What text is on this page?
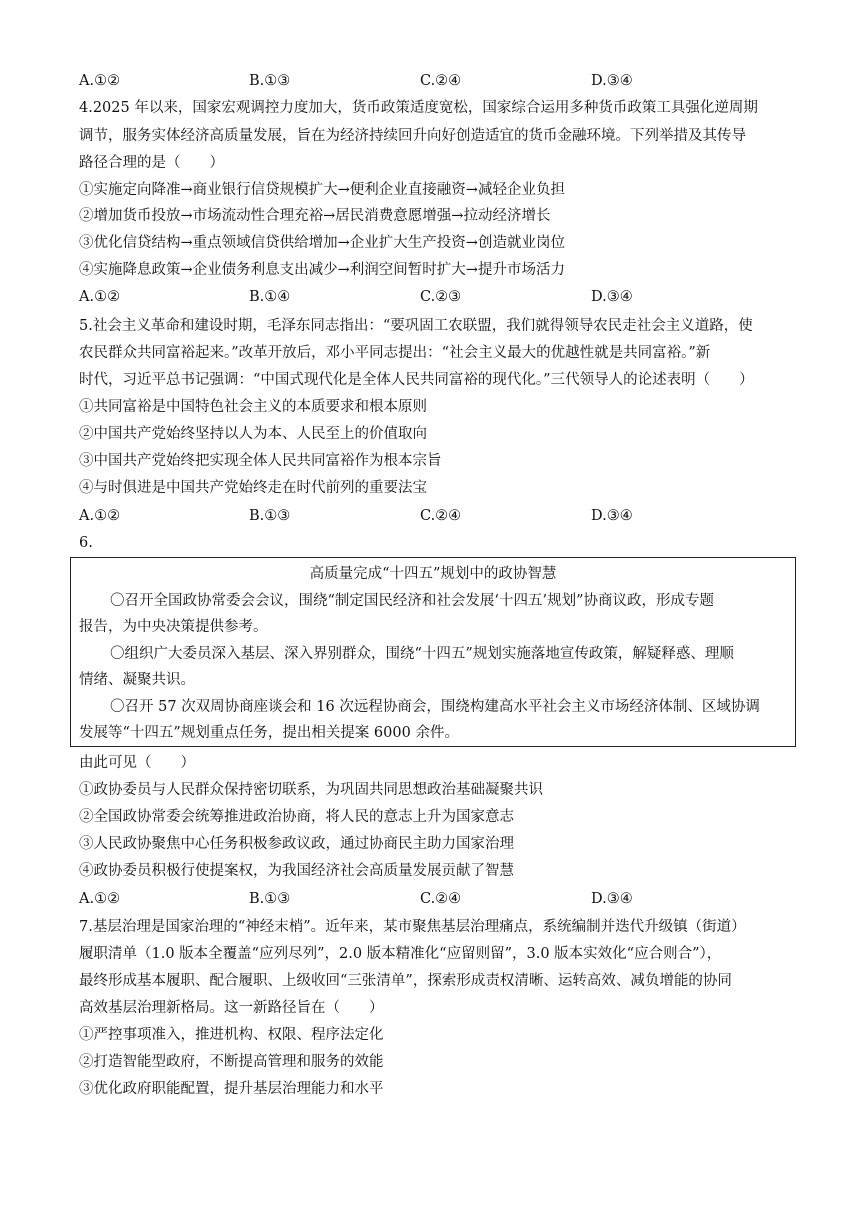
A.①②	B.①③	C.②④	D.③④
4.2025 年以来，国家宏观调控力度加大，货币政策适度宽松，国家综合运用多种货币政策工具强化逆周期
调节，服务实体经济高质量发展，旨在为经济持续回升向好创造适宜的货币金融环境。下列举措及其传导
路径合理的是（　　）
①实施定向降准→商业银行信贷规模扩大→便利企业直接融资→减轻企业负担
②增加货币投放→市场流动性合理充裕→居民消费意愿增强→拉动经济增长
③优化信贷结构→重点领域信贷供给增加→企业扩大生产投资→创造就业岗位
④实施降息政策→企业债务利息支出减少→利润空间暂时扩大→提升市场活力
A.①②	B.①④	C.②③	D.③④
5.社会主义革命和建设时期，毛泽东同志指出：“要巩固工农联盟，我们就得领导农民走社会主义道路，使
农民群众共同富裕起来。”改革开放后，邓小平同志提出：“社会主义最大的优越性就是共同富裕。”新
时代，习近平总书记强调：“中国式现代化是全体人民共同富裕的现代化。”三代领导人的论述表明（　　）
①共同富裕是中国特色社会主义的本质要求和根本原则
②中国共产党始终坚持以人为本、人民至上的价值取向
③中国共产党始终把实现全体人民共同富裕作为根本宗旨
④与时俱进是中国共产党始终走在时代前列的重要法宝
A.①②	B.①③	C.②④	D.③④
6.
高质量完成“十四五”规划中的政协智慧
〇召开全国政协常委会会议，围绕“制定国民经济和社会发展‘十四五’规划”协商议政，形成专题
报告，为中央决策提供参考。
〇组织广大委员深入基层、深入界别群众，围绕“十四五”规划实施落地宣传政策，解疑释惑、理顺
情绪、凝聚共识。
〇召开 57 次双周协商座谈会和 16 次远程协商会，围绕构建高水平社会主义市场经济体制、区域协调
发展等“十四五”规划重点任务，提出相关提案 6000 余件。
由此可见（　　）
①政协委员与人民群众保持密切联系，为巩固共同思想政治基础凝聚共识
②全国政协常委会统筹推进政治协商，将人民的意志上升为国家意志
③人民政协聚焦中心任务积极参政议政，通过协商民主助力国家治理
④政协委员积极行使提案权，为我国经济社会高质量发展贡献了智慧
A.①②	B.①③	C.②④	D.③④
7.基层治理是国家治理的“神经末梢”。近年来，某市聚焦基层治理痛点，系统编制并迭代升级镇（街道）
履职清单（1.0 版本全覆盖“应列尽列”，2.0 版本精准化“应留则留”，3.0 版本实效化“应合则合”），
最终形成基本履职、配合履职、上级收回“三张清单”，探索形成责权清晰、运转高效、减负增能的协同
高效基层治理新格局。这一新路径旨在（　　）
①严控事项准入，推进机构、权限、程序法定化
②打造智能型政府，不断提高管理和服务的效能
③优化政府职能配置，提升基层治理能力和水平
